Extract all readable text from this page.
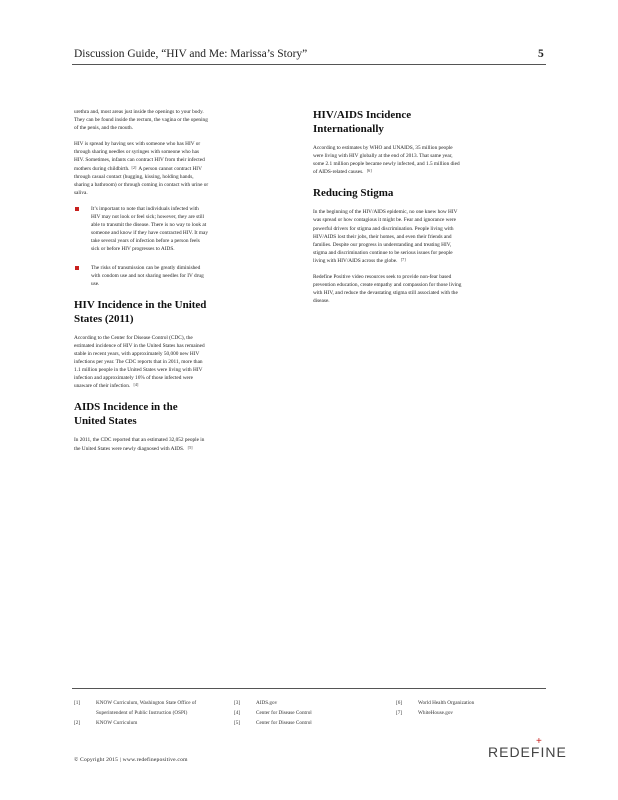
Discussion Guide, “HIV and Me: Marissa’s Story”	5

urethra and, most areas just inside the openings to your body. They can be found inside the rectum, the vagina or the opening of the penis, and the mouth.

HIV is spread by having sex with someone who has HIV or through sharing needles or syringes with someone who has HIV. Sometimes, infants can contract HIV from their infected mothers during childbirth. [2] A person cannot contract HIV through casual contact (hugging, kissing, holding hands, sharing a bathroom) or through coming in contact with urine or saliva.

It’s important to note that individuals infected with HIV may not look or feel sick; however, they are still able to transmit the disease. There is no way to look at someone and know if they have contracted HIV. It may take several years of infection before a person feels sick or before HIV progresses to AIDS.
The risks of transmission can be greatly diminished with condom use and not sharing needles for IV drug use.
HIV Incidence in the United States (2011)

According to the Center for Disease Control (CDC), the estimated incidence of HIV in the United States has remained stable in recent years, with approximately 50,000 new HIV infections per year. The CDC reports that in 2011, more than 1.1 million people in the United States were living with HIV infection and approximately 16% of those infected were unaware of their infection. [4]

AIDS Incidence in the United States

In 2011, the CDC reported that an estimated 32,052 people in the United States were newly diagnosed with AIDS. [5]

HIV/AIDS Incidence Internationally

According to estimates by WHO and UNAIDS, 35 million people were living with HIV globally at the end of 2013. That same year, some 2.1 million people became newly infected, and 1.5 million died of AIDS-related causes. [6]

Reducing Stigma

In the beginning of the HIV/AIDS epidemic, no one knew how HIV was spread or how contagious it might be. Fear and ignorance were powerful drivers for stigma and discrimination. People living with HIV/AIDS lost their jobs, their homes, and even their friends and families. Despite our progress in understanding and treating HIV, stigma and discrimination continue to be serious issues for people living with HIV/AIDS across the globe. [7]

Redefine Positive video resources seek to provide non-fear based prevention education, create empathy and compassion for those living with HIV, and reduce the devastating stigma still associated with the disease.

[1]	KNOW Curriculum, Washington State Office of Superintendent of Public Instruction (OSPI)
[2]	KNOW Curriculum
[3]	AIDS.gov
[4]	Center for Disease Control
[5]	Center for Disease Control
[6]	World Health Organization
[7]	WhiteHouse.gov
© Copyright 2015 | www.redefinepositive.com	REDEFINE
+
